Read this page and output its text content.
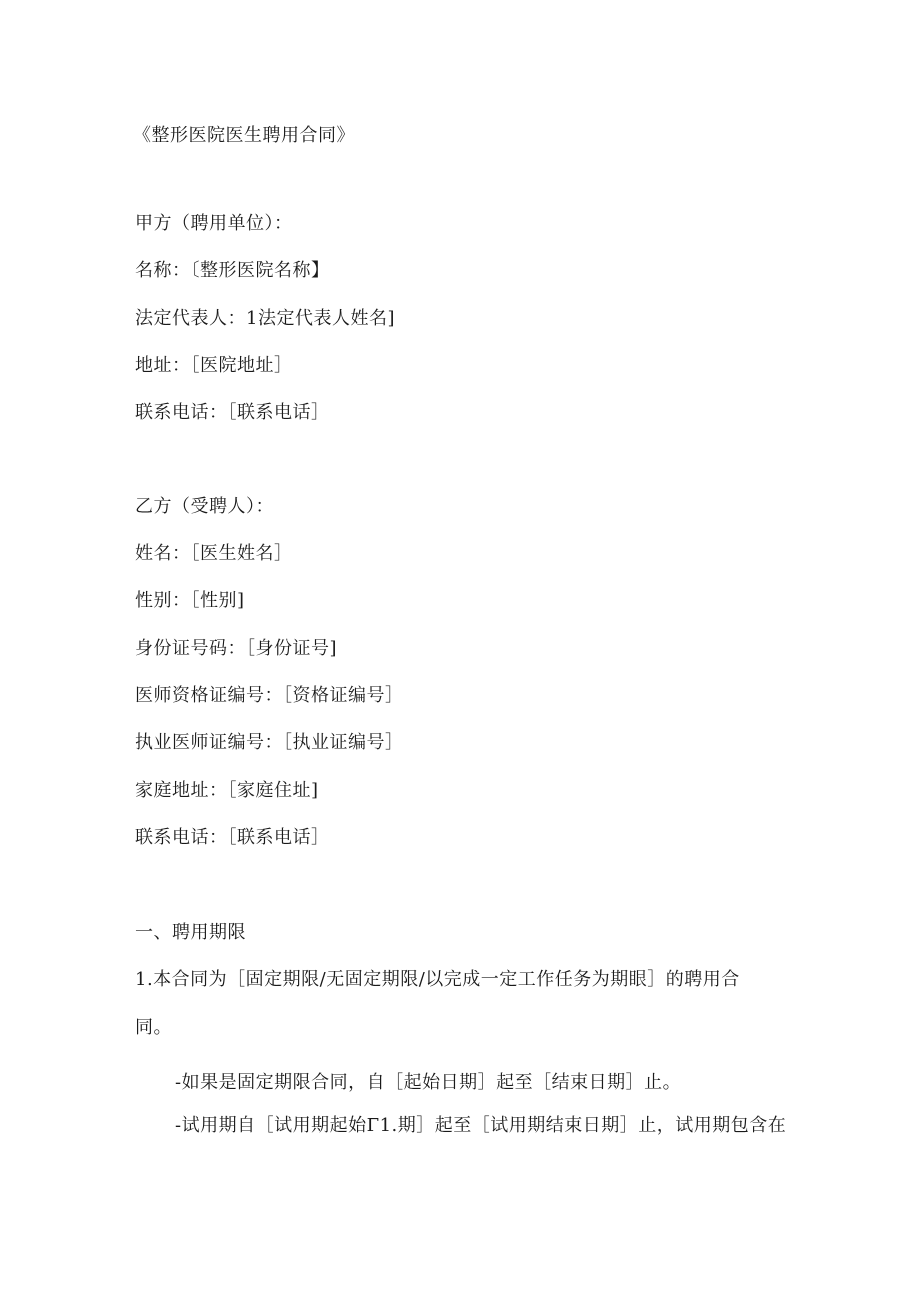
《整形医院医生聘用合同》
甲方（聘用单位）：
名称：〔整形医院名称】
法定代表人：1法定代表人姓名]
地址：［医院地址］
联系电话：［联系电话］
乙方（受聘人）：
姓名：［医生姓名］
性别：［性别]
身份证号码：［身份证号]
医师资格证编号：［资格证编号］
执业医师证编号：［执业证编号］
家庭地址：［家庭住址]
联系电话：［联系电话］
一、聘用期限
1.本合同为［固定期限/无固定期限/以完成一定工作任务为期眼］的聘用合
同。
-如果是固定期限合同，自［起始日期］起至［结束日期］止。
-试用期自［试用期起始Γ1.期］起至［试用期结束日期］止，试用期包含在
